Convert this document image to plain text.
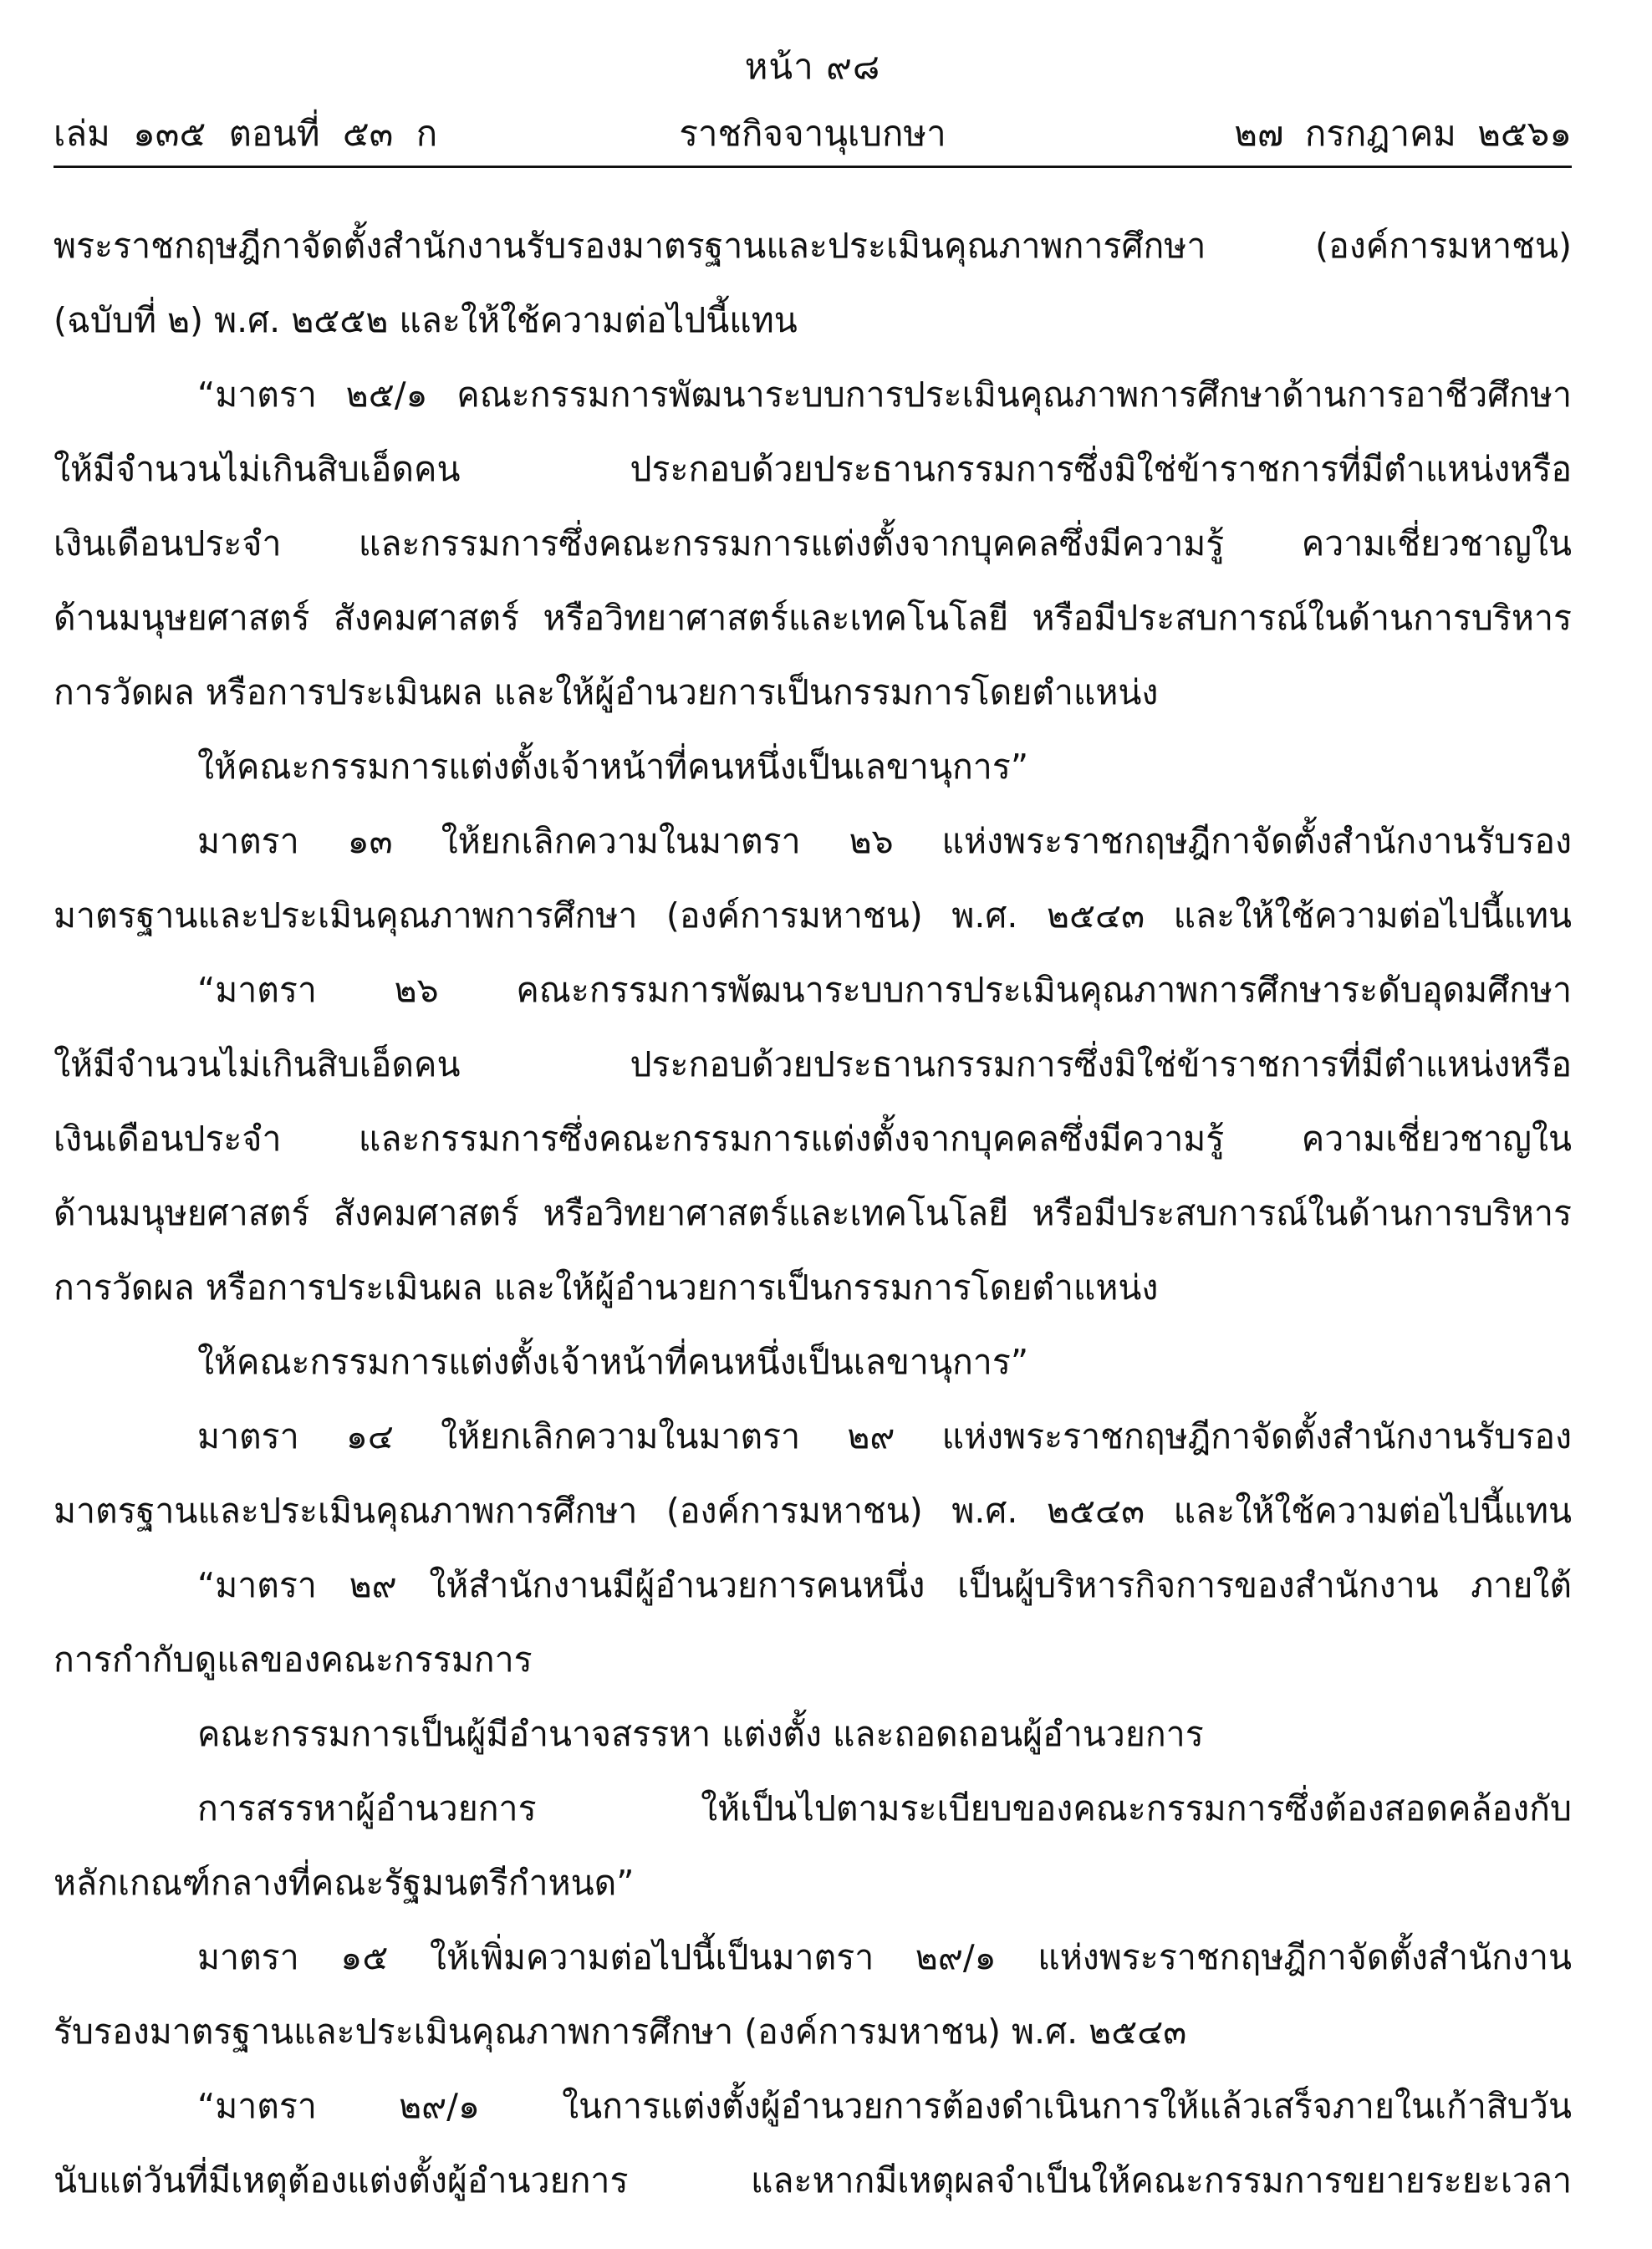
หน้า ๙๘
เล่ม ๑๓๕ ตอนที่ ๕๓ ก	ราชกิจจานุเบกษา	๒๗ กรกฎาคม ๒๕๖๑
พระราชกฤษฎีกาจัดตั้งสำนักงานรับรองมาตรฐานและประเมินคุณภาพการศึกษา (องค์การมหาชน)
(ฉบับที่ ๒) พ.ศ. ๒๕๕๒ และให้ใช้ความต่อไปนี้แทน
“มาตรา ๒๕/๑ คณะกรรมการพัฒนาระบบการประเมินคุณภาพการศึกษาด้านการอาชีวศึกษา
ให้มีจำนวนไม่เกินสิบเอ็ดคน ประกอบด้วยประธานกรรมการซึ่งมิใช่ข้าราชการที่มีตำแหน่งหรือ
เงินเดือนประจำ และกรรมการซึ่งคณะกรรมการแต่งตั้งจากบุคคลซึ่งมีความรู้ ความเชี่ยวชาญใน
ด้านมนุษยศาสตร์ สังคมศาสตร์ หรือวิทยาศาสตร์และเทคโนโลยี หรือมีประสบการณ์ในด้านการบริหาร
การวัดผล หรือการประเมินผล และให้ผู้อำนวยการเป็นกรรมการโดยตำแหน่ง
ให้คณะกรรมการแต่งตั้งเจ้าหน้าที่คนหนึ่งเป็นเลขานุการ”
มาตรา ๑๓ ให้ยกเลิกความในมาตรา ๒๖ แห่งพระราชกฤษฎีกาจัดตั้งสำนักงานรับรอง
มาตรฐานและประเมินคุณภาพการศึกษา (องค์การมหาชน) พ.ศ. ๒๕๔๓ และให้ใช้ความต่อไปนี้แทน
“มาตรา ๒๖ คณะกรรมการพัฒนาระบบการประเมินคุณภาพการศึกษาระดับอุดมศึกษา
ให้มีจำนวนไม่เกินสิบเอ็ดคน ประกอบด้วยประธานกรรมการซึ่งมิใช่ข้าราชการที่มีตำแหน่งหรือ
เงินเดือนประจำ และกรรมการซึ่งคณะกรรมการแต่งตั้งจากบุคคลซึ่งมีความรู้ ความเชี่ยวชาญใน
ด้านมนุษยศาสตร์ สังคมศาสตร์ หรือวิทยาศาสตร์และเทคโนโลยี หรือมีประสบการณ์ในด้านการบริหาร
การวัดผล หรือการประเมินผล และให้ผู้อำนวยการเป็นกรรมการโดยตำแหน่ง
ให้คณะกรรมการแต่งตั้งเจ้าหน้าที่คนหนึ่งเป็นเลขานุการ”
มาตรา ๑๔ ให้ยกเลิกความในมาตรา ๒๙ แห่งพระราชกฤษฎีกาจัดตั้งสำนักงานรับรอง
มาตรฐานและประเมินคุณภาพการศึกษา (องค์การมหาชน) พ.ศ. ๒๕๔๓ และให้ใช้ความต่อไปนี้แทน
“มาตรา ๒๙ ให้สำนักงานมีผู้อำนวยการคนหนึ่ง เป็นผู้บริหารกิจการของสำนักงาน ภายใต้
การกำกับดูแลของคณะกรรมการ
คณะกรรมการเป็นผู้มีอำนาจสรรหา แต่งตั้ง และถอดถอนผู้อำนวยการ
การสรรหาผู้อำนวยการ ให้เป็นไปตามระเบียบของคณะกรรมการซึ่งต้องสอดคล้องกับ
หลักเกณฑ์กลางที่คณะรัฐมนตรีกำหนด”
มาตรา ๑๕ ให้เพิ่มความต่อไปนี้เป็นมาตรา ๒๙/๑ แห่งพระราชกฤษฎีกาจัดตั้งสำนักงาน
รับรองมาตรฐานและประเมินคุณภาพการศึกษา (องค์การมหาชน) พ.ศ. ๒๕๔๓
“มาตรา ๒๙/๑ ในการแต่งตั้งผู้อำนวยการต้องดำเนินการให้แล้วเสร็จภายในเก้าสิบวัน
นับแต่วันที่มีเหตุต้องแต่งตั้งผู้อำนวยการ และหากมีเหตุผลจำเป็นให้คณะกรรมการขยายระยะเวลา
